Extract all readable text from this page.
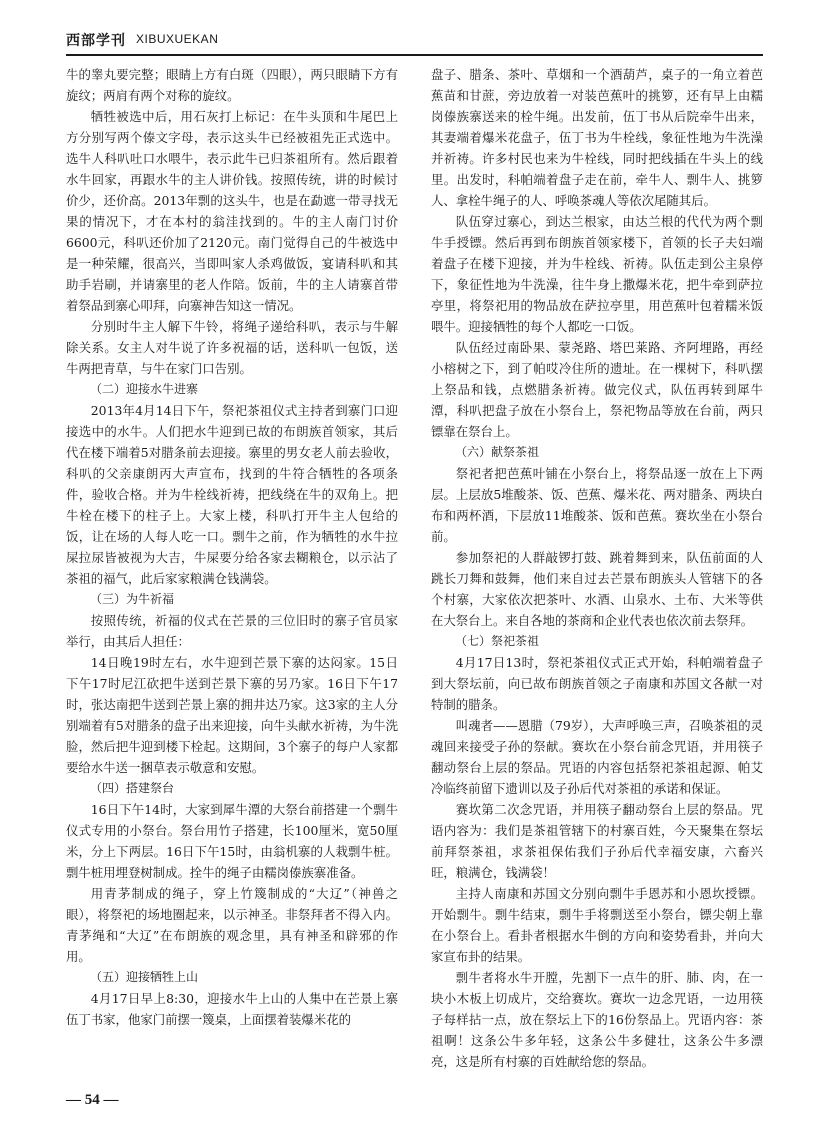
西部学刊 XIBUXUEKAN

牛的睾丸要完整；眼睛上方有白斑（四眼），两只眼睛下方有旋纹；两肩有两个对称的旋纹。

牺牲被选中后，用石灰打上标记：在牛头顶和牛尾巴上方分别写两个傣文字母，表示这头牛已经被祖先正式选中。选牛人科叭吐口水喂牛，表示此牛已归茶祖所有。然后跟着水牛回家，再跟水牛的主人讲价钱。按照传统，讲的时候讨价少，还价高。2013年剽的这头牛，也是在勐遮一带寻找无果的情况下，才在本村的翁洼找到的。牛的主人南门讨价6600元，科叭还价加了2120元。南门觉得自己的牛被选中是一种荣耀，很高兴，当即叫家人杀鸡做饭，宴请科叭和其助手岩刷，并请寨里的老人作陪。饭前，牛的主人请寨首带着祭品到寨心叩拜，向寨神告知这一情况。

分别时牛主人解下牛铃，将绳子递给科叭，表示与牛解除关系。女主人对牛说了许多祝福的话，送科叭一包饭，送牛两把青草，与牛在家门口告别。

（二）迎接水牛进寨

2013年4月14日下午，祭祀茶祖仪式主持者到寨门口迎接选中的水牛。人们把水牛迎到已故的布朗族首领家，其后代在楼下端着5对腊条前去迎接。寨里的男女老人前去验收，科叭的父亲康朗丙大声宣布，找到的牛符合牺牲的各项条件，验收合格。并为牛栓线祈祷，把线绕在牛的双角上。把牛栓在楼下的柱子上。大家上楼，科叭打开牛主人包给的饭，让在场的人每人吃一口。剽牛之前，作为牺牲的水牛拉屎拉尿皆被视为大吉，牛屎要分给各家去糊粮仓，以示沾了茶祖的福气，此后家家粮满仓钱满袋。

（三）为牛祈福

按照传统，祈福的仪式在芒景的三位旧时的寨子官员家举行，由其后人担任：

14日晚19时左右，水牛迎到芒景下寨的达闷家。15日下午17时尼江砍把牛送到芒景下寨的另乃家。16日下午17时，张达南把牛送到芒景上寨的拥井达乃家。这3家的主人分别端着有5对腊条的盘子出来迎接，向牛头献水祈祷，为牛洗脸，然后把牛迎到楼下栓起。这期间，3个寨子的每户人家都要给水牛送一捆草表示敬意和安慰。

（四）搭建祭台

16日下午14时，大家到犀牛潭的大祭台前搭建一个剽牛仪式专用的小祭台。祭台用竹子搭建，长100厘米，宽50厘米，分上下两层。16日下午15时，由翁机寨的人栽剽牛桩。剽牛桩用埋登树制成。拴牛的绳子由糯岗傣族寨准备。

用青茅制成的绳子，穿上竹篾制成的“大辽”（神兽之眼），将祭祀的场地圈起来，以示神圣。非祭拜者不得入内。青茅绳和“大辽”在布朗族的观念里，具有神圣和辟邪的作用。

（五）迎接牺牲上山

4月17日早上8:30，迎接水牛上山的人集中在芒景上寨伍丁书家，他家门前摆一篾桌，上面摆着装爆米花的

盘子、腊条、茶叶、草烟和一个酒葫芦，桌子的一角立着芭蕉苗和甘蔗，旁边放着一对装芭蕉叶的挑箩，还有早上由糯岗傣族寨送来的栓牛绳。出发前，伍丁书从后院牵牛出来，其妻端着爆米花盘子，伍丁书为牛栓线，象征性地为牛洗澡并祈祷。许多村民也来为牛栓线，同时把线插在牛头上的线里。出发时，科帕端着盘子走在前，牵牛人、剽牛人、挑箩人、拿栓牛绳子的人、呼唤茶魂人等依次尾随其后。

队伍穿过寨心，到达兰根家，由达兰根的代代为两个剽牛手授镖。然后再到布朗族首领家楼下，首领的长子夫妇端着盘子在楼下迎接，并为牛栓线、祈祷。队伍走到公主泉停下，象征性地为牛洗澡，往牛身上撒爆米花，把牛牵到萨拉亭里，将祭祀用的物品放在萨拉亭里，用芭蕉叶包着糯米饭喂牛。迎接牺牲的每个人都吃一口饭。

队伍经过南卧果、蒙尧路、塔巴莱路、齐阿埋路，再经小榕树之下，到了帕哎冷住所的遗址。在一棵树下，科叭摆上祭品和钱，点燃腊条祈祷。做完仪式，队伍再转到犀牛潭，科叭把盘子放在小祭台上，祭祀物品等放在台前，两只镖靠在祭台上。

（六）献祭茶祖

祭祀者把芭蕉叶铺在小祭台上，将祭品逐一放在上下两层。上层放5堆酸茶、饭、芭蕉、爆米花、两对腊条、两块白布和两杯酒，下层放11堆酸茶、饭和芭蕉。赛坎坐在小祭台前。

参加祭祀的人群敲锣打鼓、跳着舞到来，队伍前面的人跳长刀舞和鼓舞，他们来自过去芒景布朗族头人管辖下的各个村寨，大家依次把茶叶、水酒、山泉水、土布、大米等供在大祭台上。来自各地的茶商和企业代表也依次前去祭拜。

（七）祭祀茶祖

4月17日13时，祭祀茶祖仪式正式开始，科帕端着盘子到大祭坛前，向已故布朗族首领之子南康和苏国文各献一对特制的腊条。

叫魂者——恩腊（79岁），大声呼唤三声，召唤茶祖的灵魂回来接受子孙的祭献。赛坎在小祭台前念咒语，并用筷子翻动祭台上层的祭品。咒语的内容包括祭祀茶祖起源、帕艾冷临终前留下遗训以及子孙后代对茶祖的承诺和保证。

赛坎第二次念咒语，并用筷子翻动祭台上层的祭品。咒语内容为：我们是茶祖管辖下的村寨百姓，今天聚集在祭坛前拜祭茶祖，求茶祖保佑我们子孙后代幸福安康，六畜兴旺，粮满仓，钱满袋！

主持人南康和苏国文分别向剽牛手恩苏和小恩坎授镖。开始剽牛。剽牛结束，剽牛手将剽送至小祭台，镖尖朝上靠在小祭台上。看卦者根据水牛倒的方向和姿势看卦，并向大家宣布卦的结果。

剽牛者将水牛开膛，先割下一点牛的肝、肺、肉，在一块小木板上切成片，交给赛坎。赛坎一边念咒语，一边用筷子每样拈一点，放在祭坛上下的16份祭品上。咒语内容：茶祖啊！这条公牛多年轻，这条公牛多健壮，这条公牛多漂亮，这是所有村寨的百姓献给您的祭品。

— 54 —
